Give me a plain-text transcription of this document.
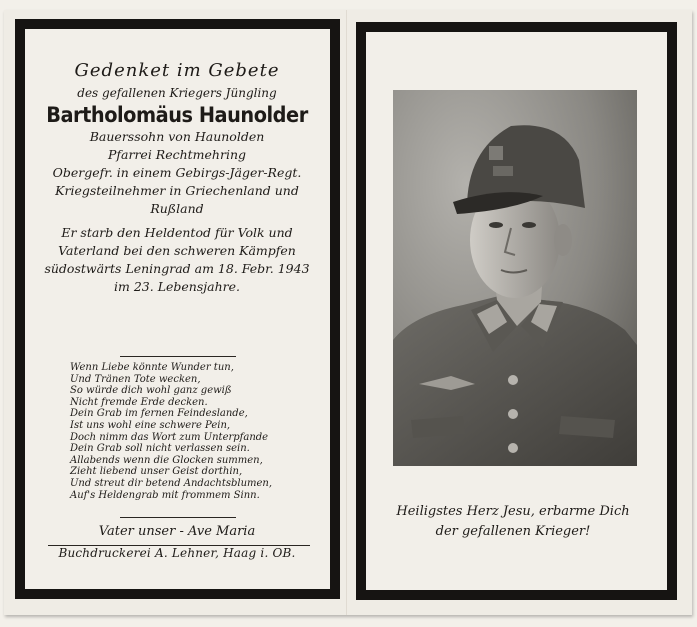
Gedenket im Gebete
des gefallenen Kriegers Jüngling
Bartholomäus Haunolder
Bauerssohn von Haunolden
Pfarrei Rechtmehring
Obergefr. in einem Gebirgs-Jäger-Regt.
Kriegsteilnehmer in Griechenland und
Rußland
Er starb den Heldentod für Volk und
Vaterland bei den schweren Kämpfen
südostwärts Leningrad am 18. Febr. 1943
im 23. Lebensjahre.
Wenn Liebe könnte Wunder tun,
Und Tränen Tote wecken,
So würde dich wohl ganz gewiß
Nicht fremde Erde decken.
Dein Grab im fernen Feindeslande,
Ist uns wohl eine schwere Pein,
Doch nimm das Wort zum Unterpfande
Dein Grab soll nicht verlassen sein.
Allabends wenn die Glocken summen,
Zieht liebend unser Geist dorthin,
Und streut dir betend Andachtsblumen,
Auf's Heldengrab mit frommem Sinn.
Vater unser - Ave Maria
Buchdruckerei A. Lehner, Haag i. OB.
Heiligstes Herz Jesu, erbarme Dich
der gefallenen Krieger!
